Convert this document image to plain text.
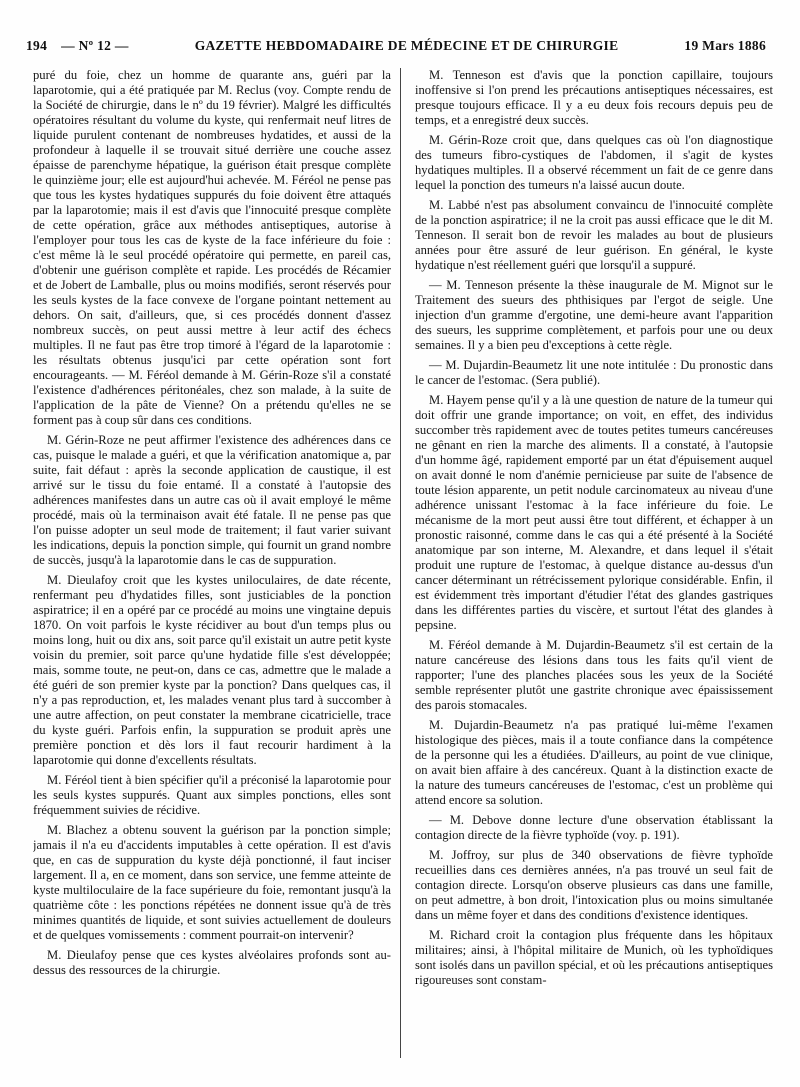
194 — Nº 12 —	GAZETTE HEBDOMADAIRE DE MÉDECINE ET DE CHIRURGIE	19 Mars 1886

puré du foie, chez un homme de quarante ans, guéri par la laparotomie, qui a été pratiquée par M. Reclus (voy. Compte rendu de la Société de chirurgie, dans le nº du 19 février). Malgré les difficultés opératoires résultant du volume du kyste, qui renfermait neuf litres de liquide purulent contenant de nombreuses hydatides, et aussi de la profondeur à laquelle il se trouvait situé derrière une couche assez épaisse de parenchyme hépatique, la guérison était presque complète le quinzième jour; elle est aujourd'hui achevée. M. Féréol ne pense pas que tous les kystes hydatiques suppurés du foie doivent être attaqués par la laparotomie; mais il est d'avis que l'innocuité presque complète de cette opération, grâce aux méthodes antiseptiques, autorise à l'employer pour tous les cas de kyste de la face inférieure du foie : c'est même là le seul procédé opératoire qui permette, en pareil cas, d'obtenir une guérison complète et rapide. Les procédés de Récamier et de Jobert de Lamballe, plus ou moins modifiés, seront réservés pour les seuls kystes de la face convexe de l'organe pointant nettement au dehors. On sait, d'ailleurs, que, si ces procédés donnent d'assez nombreux succès, on peut aussi mettre à leur actif des échecs multiples. Il ne faut pas être trop timoré à l'égard de la laparotomie : les résultats obtenus jusqu'ici par cette opération sont fort encourageants. — M. Féréol demande à M. Gérin-Roze s'il a constaté l'existence d'adhérences péritonéales, chez son malade, à la suite de l'application de la pâte de Vienne? On a prétendu qu'elles ne se forment pas à coup sûr dans ces conditions.

M. Gérin-Roze ne peut affirmer l'existence des adhérences dans ce cas, puisque le malade a guéri, et que la vérification anatomique a, par suite, fait défaut : après la seconde application de caustique, il est arrivé sur le tissu du foie entamé. Il a constaté à l'autopsie des adhérences manifestes dans un autre cas où il avait employé le même procédé, mais où la terminaison avait été fatale. Il ne pense pas que l'on puisse adopter un seul mode de traitement; il faut varier suivant les indications, depuis la ponction simple, qui fournit un grand nombre de succès, jusqu'à la laparotomie dans le cas de suppuration.

M. Dieulafoy croit que les kystes uniloculaires, de date récente, renfermant peu d'hydatides filles, sont justiciables de la ponction aspiratrice; il en a opéré par ce procédé au moins une vingtaine depuis 1870. On voit parfois le kyste récidiver au bout d'un temps plus ou moins long, huit ou dix ans, soit parce qu'il existait un autre petit kyste voisin du premier, soit parce qu'une hydatide fille s'est développée; mais, somme toute, ne peut-on, dans ce cas, admettre que le malade a été guéri de son premier kyste par la ponction? Dans quelques cas, il n'y a pas reproduction, et, les malades venant plus tard à succomber à une autre affection, on peut constater la membrane cicatricielle, trace du kyste guéri. Parfois enfin, la suppuration se produit après une première ponction et dès lors il faut recourir hardiment à la laparotomie qui donne d'excellents résultats.

M. Féréol tient à bien spécifier qu'il a préconisé la laparotomie pour les seuls kystes suppurés. Quant aux simples ponctions, elles sont fréquemment suivies de récidive.

M. Blachez a obtenu souvent la guérison par la ponction simple; jamais il n'a eu d'accidents imputables à cette opération. Il est d'avis que, en cas de suppuration du kyste déjà ponctionné, il faut inciser largement. Il a, en ce moment, dans son service, une femme atteinte de kyste multiloculaire de la face supérieure du foie, remontant jusqu'à la quatrième côte : les ponctions répétées ne donnent issue qu'à de très minimes quantités de liquide, et sont suivies actuellement de douleurs et de quelques vomissements : comment pourrait-on intervenir?

M. Dieulafoy pense que ces kystes alvéolaires profonds sont au-dessus des ressources de la chirurgie.

M. Tenneson est d'avis que la ponction capillaire, toujours inoffensive si l'on prend les précautions antiseptiques nécessaires, est presque toujours efficace. Il y a eu deux fois recours depuis peu de temps, et a enregistré deux succès.

M. Gérin-Roze croit que, dans quelques cas où l'on diagnostique des tumeurs fibro-cystiques de l'abdomen, il s'agit de kystes hydatiques multiples. Il a observé récemment un fait de ce genre dans lequel la ponction des tumeurs n'a laissé aucun doute.

M. Labbé n'est pas absolument convaincu de l'innocuité complète de la ponction aspiratrice; il ne la croit pas aussi efficace que le dit M. Tenneson. Il serait bon de revoir les malades au bout de plusieurs années pour être assuré de leur guérison. En général, le kyste hydatique n'est réellement guéri que lorsqu'il a suppuré.

— M. Tenneson présente la thèse inaugurale de M. Mignot sur le Traitement des sueurs des phthisiques par l'ergot de seigle. Une injection d'un gramme d'ergotine, une demi-heure avant l'apparition des sueurs, les supprime complètement, et parfois pour une ou deux semaines. Il y a bien peu d'exceptions à cette règle.

— M. Dujardin-Beaumetz lit une note intitulée : Du pronostic dans le cancer de l'estomac. (Sera publié).

M. Hayem pense qu'il y a là une question de nature de la tumeur qui doit offrir une grande importance; on voit, en effet, des individus succomber très rapidement avec de toutes petites tumeurs cancéreuses ne gênant en rien la marche des aliments. Il a constaté, à l'autopsie d'un homme âgé, rapidement emporté par un état d'épuisement auquel on avait donné le nom d'anémie pernicieuse par suite de l'absence de toute lésion apparente, un petit nodule carcinomateux au niveau d'une adhérence unissant l'estomac à la face inférieure du foie. Le mécanisme de la mort peut aussi être tout différent, et échapper à un pronostic raisonné, comme dans le cas qui a été présenté à la Société anatomique par son interne, M. Alexandre, et dans lequel il s'était produit une rupture de l'estomac, à quelque distance au-dessus d'un cancer déterminant un rétrécissement pylorique considérable. Enfin, il est évidemment très important d'étudier l'état des glandes gastriques dans les différentes parties du viscère, et surtout l'état des glandes à pepsine.

M. Féréol demande à M. Dujardin-Beaumetz s'il est certain de la nature cancéreuse des lésions dans tous les faits qu'il vient de rapporter; l'une des planches placées sous les yeux de la Société semble représenter plutôt une gastrite chronique avec épaississement des parois stomacales.

M. Dujardin-Beaumetz n'a pas pratiqué lui-même l'examen histologique des pièces, mais il a toute confiance dans la compétence de la personne qui les a étudiées. D'ailleurs, au point de vue clinique, on avait bien affaire à des cancéreux. Quant à la distinction exacte de la nature des tumeurs cancéreuses de l'estomac, c'est un problème qui attend encore sa solution.

— M. Debove donne lecture d'une observation établissant la contagion directe de la fièvre typhoïde (voy. p. 191).

M. Joffroy, sur plus de 340 observations de fièvre typhoïde recueillies dans ces dernières années, n'a pas trouvé un seul fait de contagion directe. Lorsqu'on observe plusieurs cas dans une famille, on peut admettre, à bon droit, l'intoxication plus ou moins simultanée dans un même foyer et dans des conditions d'existence identiques.

M. Richard croit la contagion plus fréquente dans les hôpitaux militaires; ainsi, à l'hôpital militaire de Munich, où les typhoïdiques sont isolés dans un pavillon spécial, et où les précautions antiseptiques rigoureuses sont constam-
